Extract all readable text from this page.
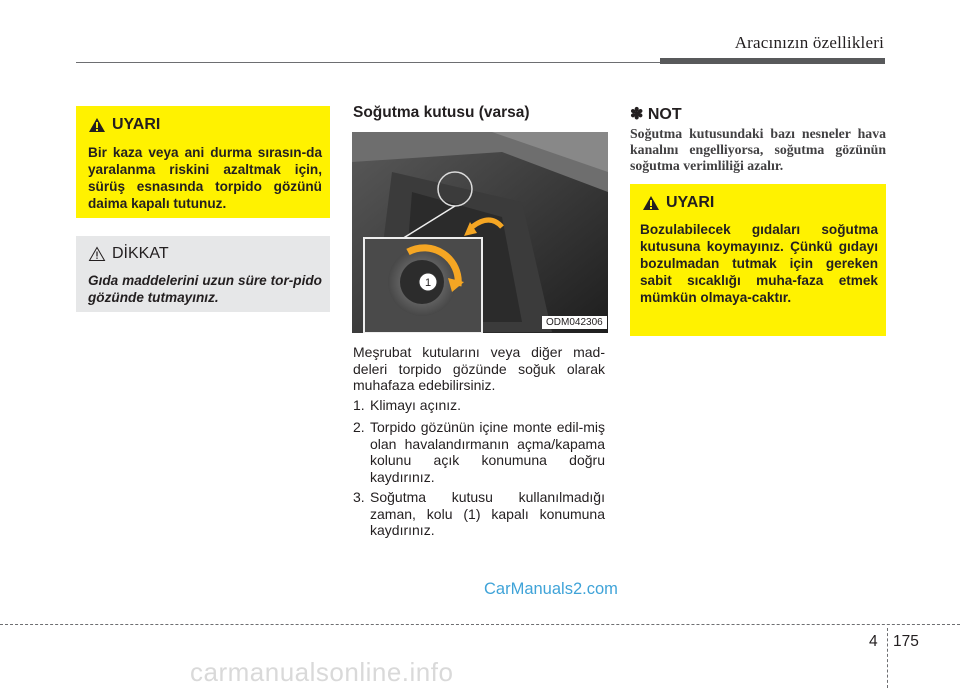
Aracınızın özellikleri
UYARI
Bir kaza veya ani durma sırasın-da yaralanma riskini azaltmak için, sürüş esnasında torpido gözünü daima kapalı tutunuz.
DİKKAT
Gıda maddelerini uzun süre tor-pido gözünde tutmayınız.
Soğutma kutusu (varsa)
1
ODM042306
Meşrubat kutularını veya diğer mad-deleri torpido gözünde soğuk olarak muhafaza edebilirsiniz.
1. Klimayı açınız.
2. Torpido gözünün içine monte edil-miş olan havalandırmanın açma/kapama kolunu açık konumuna doğru kaydırınız.
3. Soğutma kutusu kullanılmadığı zaman, kolu (1) kapalı konumuna kaydırınız.
✽ NOT
Soğutma kutusundaki bazı nesneler hava kanalını engelliyorsa, soğutma gözünün soğutma verimliliği azalır.
UYARI
Bozulabilecek gıdaları soğutma kutusuna koymayınız. Çünkü gıdayı bozulmadan tutmak için gereken sabit sıcaklığı muha-faza etmek mümkün olmaya-caktır.
CarManuals2.com
4 175
carmanualsonline.info
